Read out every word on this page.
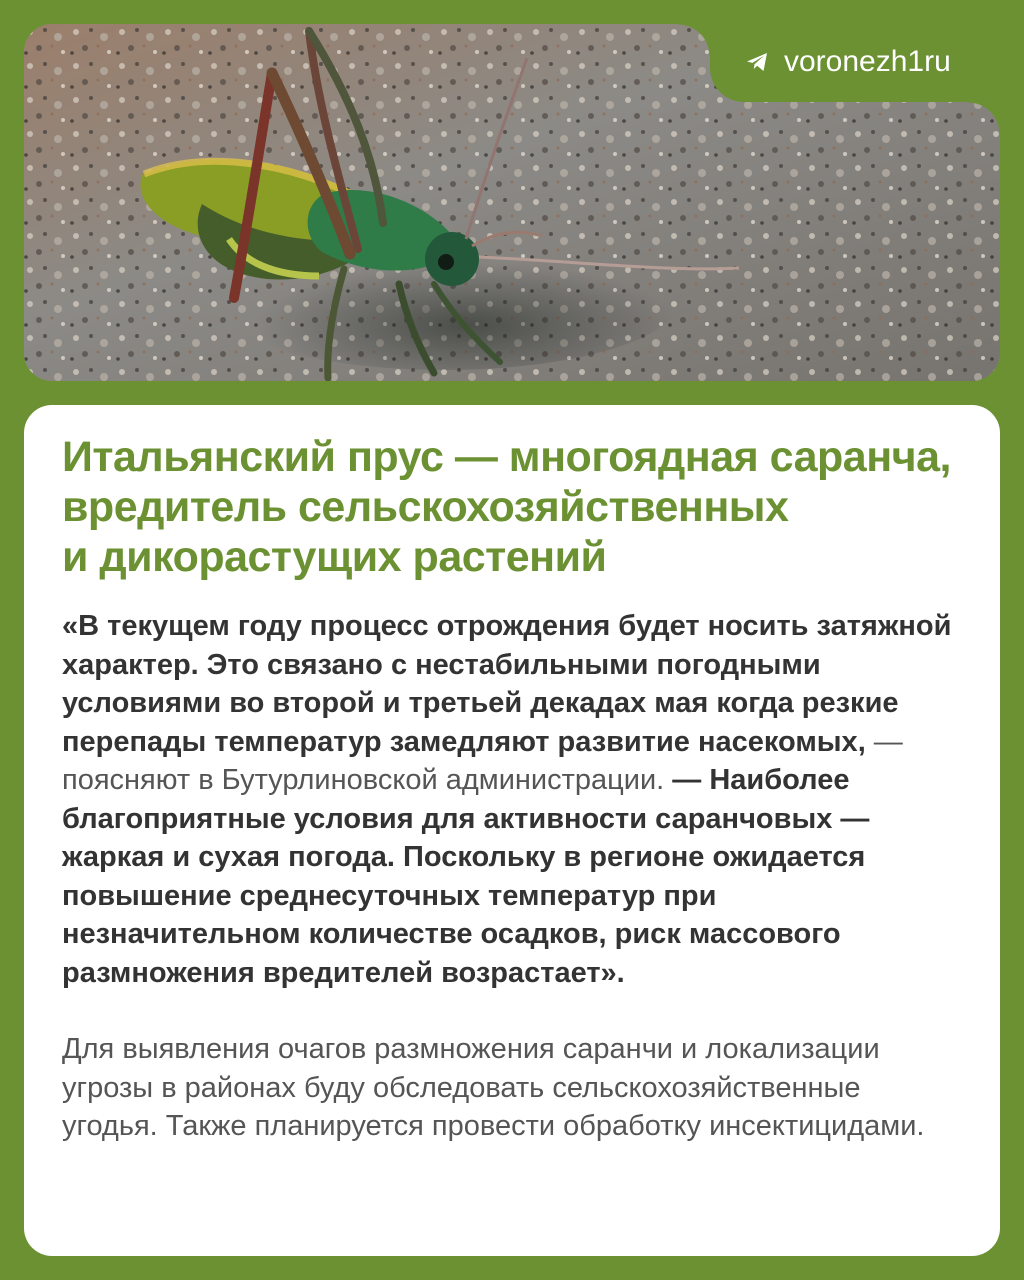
voronezh1ru
Итальянский прус — многоядная саранча,
вредитель сельскохозяйственных
и дикорастущих растений

«В текущем году процесс отрождения будет носить затяжной характер. Это связано с нестабильными погодными условиями во второй и третьей декадах мая когда резкие перепады температур замедляют развитие насекомых, — поясняют в Бутурлиновской администрации. — Наиболее благоприятные условия для активности саранчовых — жаркая и сухая погода. Поскольку в регионе ожидается повышение среднесуточных температур при незначительном количестве осадков, риск массового размножения вредителей возрастает».

Для выявления очагов размножения саранчи и локализации угрозы в районах буду обследовать сельскохозяйственные угодья. Также планируется провести обработку инсектицидами.
